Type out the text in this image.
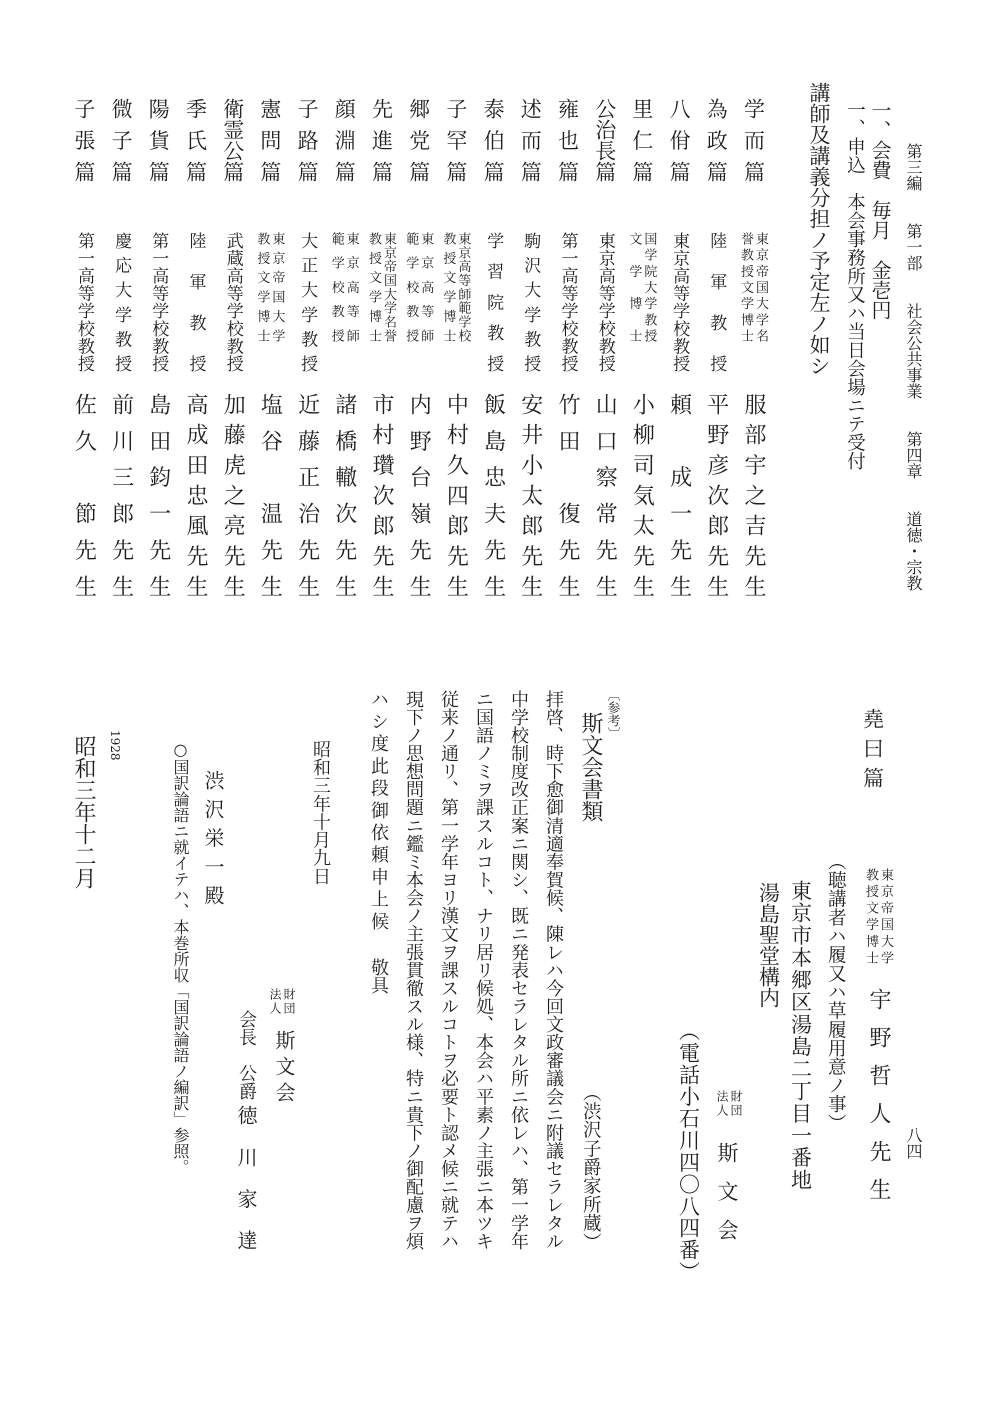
第三編第一部社会公共事業第四章道徳・宗教
八四
一、会費　毎月　金壱円
一、申込　本会事務所又ハ当日会場ニテ受付
講師及講義分担ノ予定左ノ如シ
学而篇
東京帝国大学名
誉教授文学博士
服部宇之吉先生
為政篇
陸軍教授
平野彦次郎先生
八佾篇
東京高等学校教授
頼　成一先生
里仁篇
国学院大学教授
文学博士
小柳司気太先生
公治長篇
東京高等学校教授
山口察常先生
雍也篇
第一高等学校教授
竹田　復先生
述而篇
駒沢大学教授
安井小太郎先生
泰伯篇
学習院教授
飯島忠夫先生
子罕篇
東京高等師範学校
教授文学博士
中村久四郎先生
郷党篇
東京高等師
範学校教授
内野台嶺先生
先進篇
東京帝国大学名誉
教授文学博士
市村瓚次郎先生
顔淵篇
東京高等師
範学校教授
諸橋轍次先生
子路篇
大正大学教授
近藤正治先生
憲問篇
東京帝国大学
教授文学博士
塩谷　温先生
衛霊公篇
武蔵高等学校教授
加藤虎之亮先生
季氏篇
陸軍教授
高成田忠風先生
陽貨篇
第一高等学校教授
島田鈞一先生
微子篇
慶応大学教授
前川三郎先生
子張篇
第一高等学校教授
佐久　節先生
堯曰篇
東京帝国大学
教授文学博士
宇野哲人先生
（聴講者ハ履又ハ草履用意ノ事）
東京市本郷区湯島二丁目一番地
湯島聖堂構内
財団
法人
斯文会
（電話小石川四〇八四番）
〔参考〕
斯文会書類
（渋沢子爵家所蔵）
拝啓、時下愈御清適奉賀候、陳レハ今回文政審議会ニ附議セラレタル
中学校制度改正案ニ関シ、既ニ発表セラレタル所ニ依レハ、第一学年
ニ国語ノミヲ課スルコト、ナリ居リ候処、本会ハ平素ノ主張ニ本ツキ
従来ノ通リ、第一学年ヨリ漢文ヲ課スルコトヲ必要ト認メ候ニ就テハ
現下ノ思想問題ニ鑑ミ本会ノ主張貫徹スル様、特ニ貴下ノ御配慮ヲ煩
ハシ度此段御依頼申上候
敬具
昭和三年十月九日
財団
法人
斯文会
会長　公爵
徳川家達
渋沢栄一殿
○国訳論語ニ就イテハ、本巻所収「国訳論語ノ編訳」参照。
1928
昭和三年十二月
